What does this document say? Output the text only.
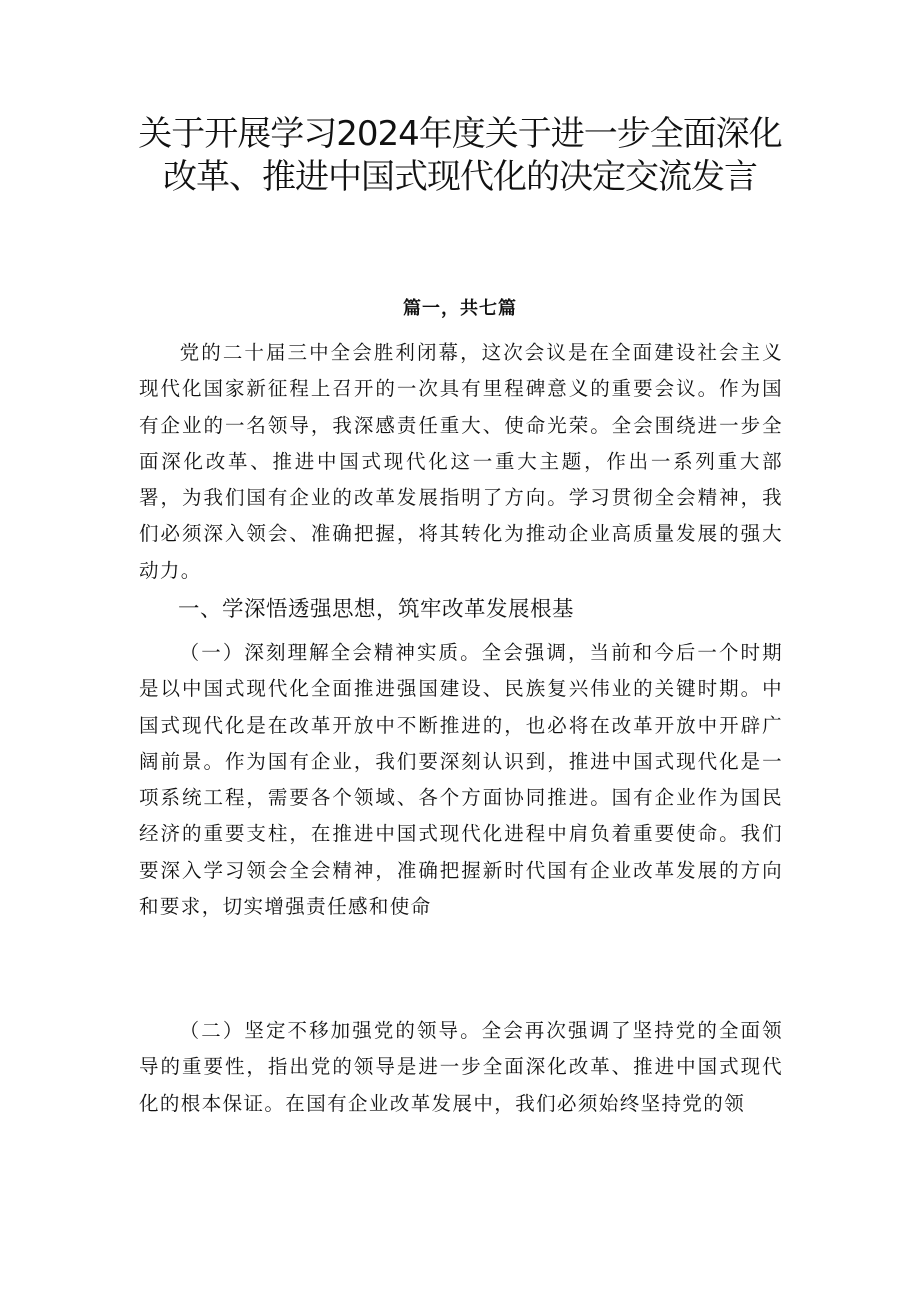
关于开展学习2024年度关于进一步全面深化改革、推进中国式现代化的决定交流发言
篇一，共七篇

党的二十届三中全会胜利闭幕，这次会议是在全面建设社会主义现代化国家新征程上召开的一次具有里程碑意义的重要会议。作为国有企业的一名领导，我深感责任重大、使命光荣。全会围绕进一步全面深化改革、推进中国式现代化这一重大主题，作出一系列重大部署，为我们国有企业的改革发展指明了方向。学习贯彻全会精神，我们必须深入领会、准确把握，将其转化为推动企业高质量发展的强大动力。

一、学深悟透强思想，筑牢改革发展根基

（一）深刻理解全会精神实质。全会强调，当前和今后一个时期是以中国式现代化全面推进强国建设、民族复兴伟业的关键时期。中国式现代化是在改革开放中不断推进的，也必将在改革开放中开辟广阔前景。作为国有企业，我们要深刻认识到，推进中国式现代化是一项系统工程，需要各个领域、各个方面协同推进。国有企业作为国民经济的重要支柱，在推进中国式现代化进程中肩负着重要使命。我们要深入学习领会全会精神，准确把握新时代国有企业改革发展的方向和要求，切实增强责任感和使命

（二）坚定不移加强党的领导。全会再次强调了坚持党的全面领导的重要性，指出党的领导是进一步全面深化改革、推进中国式现代化的根本保证。在国有企业改革发展中，我们必须始终坚持党的领
